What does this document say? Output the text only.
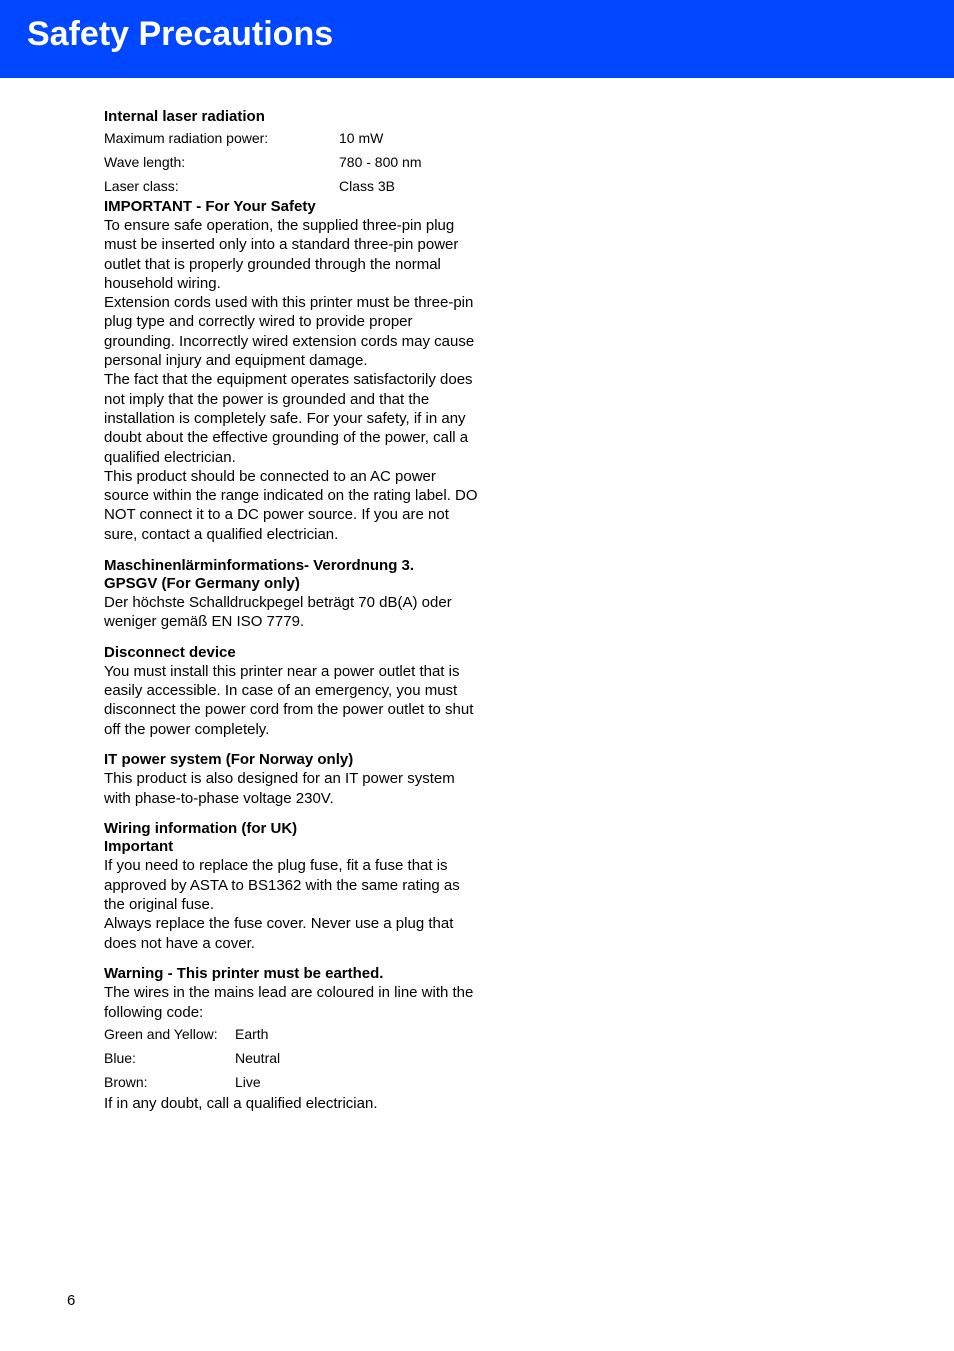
Safety Precautions

Internal laser radiation

Maximum radiation power:	10 mW
Wave length:	780 - 800 nm
Laser class:	Class 3B

IMPORTANT - For Your Safety

To ensure safe operation, the supplied three-pin plug must be inserted only into a standard three-pin power outlet that is properly grounded through the normal household wiring.

Extension cords used with this printer must be three-pin plug type and correctly wired to provide proper grounding. Incorrectly wired extension cords may cause personal injury and equipment damage.

The fact that the equipment operates satisfactorily does not imply that the power is grounded and that the installation is completely safe. For your safety, if in any doubt about the effective grounding of the power, call a qualified electrician.

This product should be connected to an AC power source within the range indicated on the rating label. DO NOT connect it to a DC power source. If you are not sure, contact a qualified electrician.

Maschinenlärminformations- Verordnung 3.

GPSGV (For Germany only)

Der höchste Schalldruckpegel beträgt 70 dB(A) oder weniger gemäß EN ISO 7779.

Disconnect device

You must install this printer near a power outlet that is easily accessible. In case of an emergency, you must disconnect the power cord from the power outlet to shut off the power completely.

IT power system (For Norway only)

This product is also designed for an IT power system with phase-to-phase voltage 230V.

Wiring information (for UK)

Important

If you need to replace the plug fuse, fit a fuse that is approved by ASTA to BS1362 with the same rating as the original fuse.

Always replace the fuse cover. Never use a plug that does not have a cover.

Warning - This printer must be earthed.

The wires in the mains lead are coloured in line with the following code:

Green and Yellow:	Earth
Blue:	Neutral
Brown:	Live

If in any doubt, call a qualified electrician.

6
